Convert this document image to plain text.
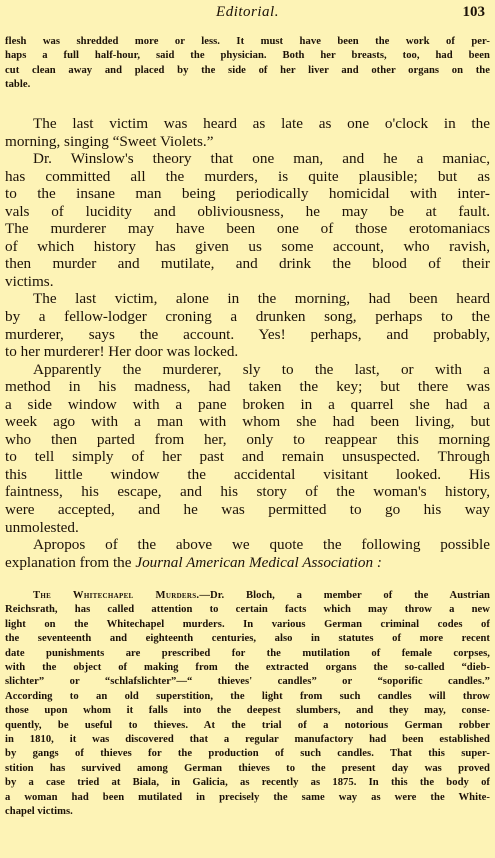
Editorial.	103
flesh was shredded more or less. It must have been the work of per-
haps a full half-hour, said the physician. Both her breasts, too, had been
cut clean away and placed by the side of her liver and other organs on the
table.
The last victim was heard as late as one o'clock in the
morning, singing “Sweet Violets.”
Dr. Winslow's theory that one man, and he a maniac,
has committed all the murders, is quite plausible; but as
to the insane man being periodically homicidal with inter-
vals of lucidity and obliviousness, he may be at fault.
The murderer may have been one of those erotomaniacs
of which history has given us some account, who ravish,
then murder and mutilate, and drink the blood of their
victims.
The last victim, alone in the morning, had been heard
by a fellow-lodger croning a drunken song, perhaps to the
murderer, says the account. Yes! perhaps, and probably,
to her murderer! Her door was locked.
Apparently the murderer, sly to the last, or with a
method in his madness, had taken the key; but there was
a side window with a pane broken in a quarrel she had a
week ago with a man with whom she had been living, but
who then parted from her, only to reappear this morning
to tell simply of her past and remain unsuspected. Through
this little window the accidental visitant looked. His
faintness, his escape, and his story of the woman's history,
were accepted, and he was permitted to go his way
unmolested.
Apropos of the above we quote the following possible
explanation from the Journal American Medical Association :
The Whitechapel Murders.—Dr. Bloch, a member of the Austrian
Reichsrath, has called attention to certain facts which may throw a new
light on the Whitechapel murders. In various German criminal codes of
the seventeenth and eighteenth centuries, also in statutes of more recent
date punishments are prescribed for the mutilation of female corpses,
with the object of making from the extracted organs the so-called “dieb-
slichter” or “schlafslichter”—“ thieves' candles” or “soporific candles.”
According to an old superstition, the light from such candles will throw
those upon whom it falls into the deepest slumbers, and they may, conse-
quently, be useful to thieves. At the trial of a notorious German robber
in 1810, it was discovered that a regular manufactory had been established
by gangs of thieves for the production of such candles. That this super-
stition has survived among German thieves to the present day was proved
by a case tried at Biala, in Galicia, as recently as 1875. In this the body of
a woman had been mutilated in precisely the same way as were the White-
chapel victims.
